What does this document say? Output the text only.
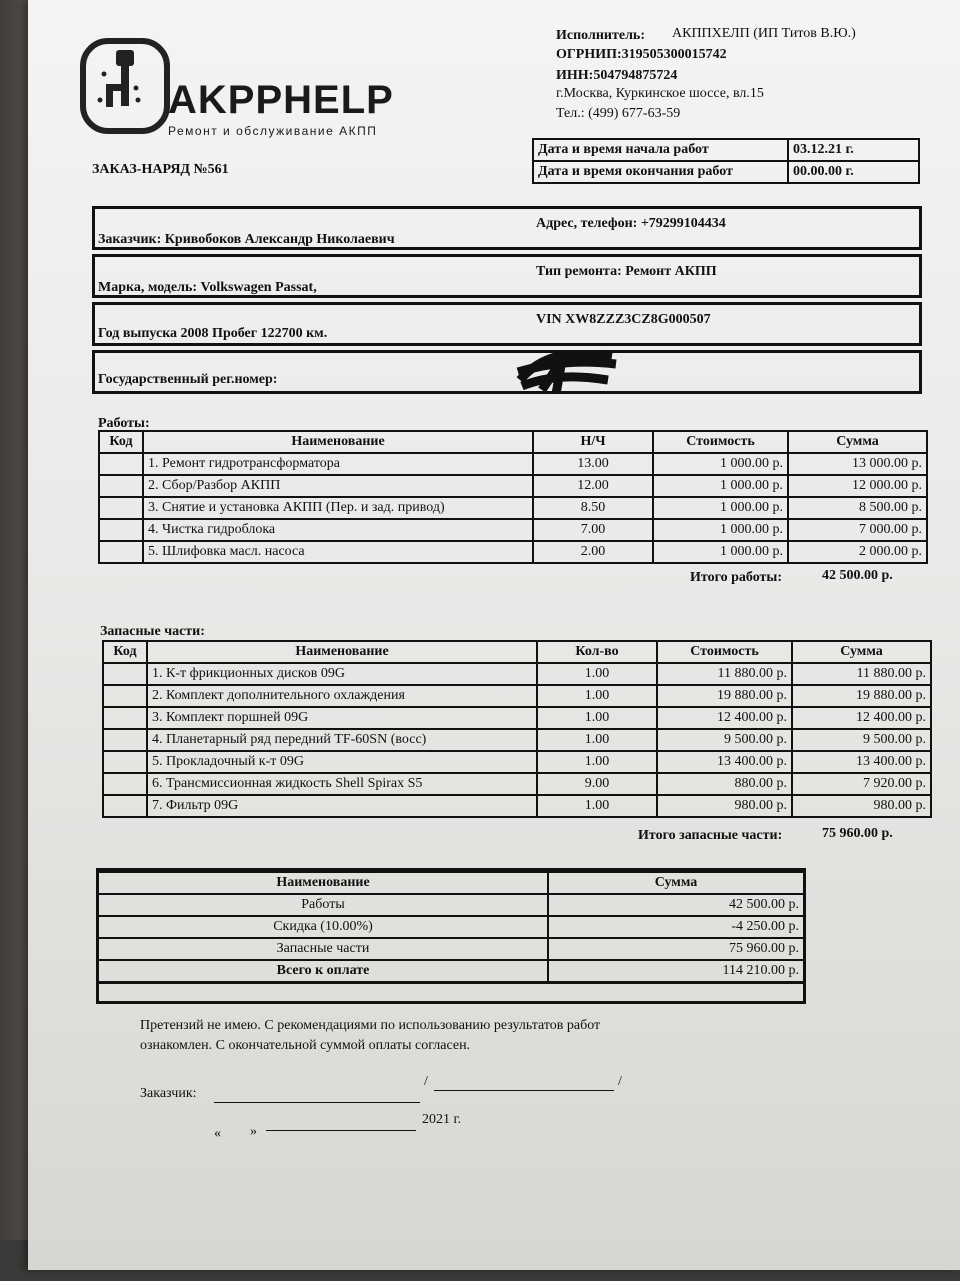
AKPPHELP
Ремонт и обслуживание АКПП
Исполнитель: АКППХЕЛП (ИП Титов В.Ю.)
ОГРНИП:319505300015742
ИНН:504794875724
г.Москва, Куркинское шоссе, вл.15
Тел.: (499) 677-63-59
ЗАКАЗ-НАРЯД №561
Дата и время начала работ	03.12.21 г.
Дата и время окончания работ	00.00.00 г.
Заказчик: Кривобоков Александр Николаевич
Адрес, телефон: +79299104434
Марка, модель: Volkswagen Passat,
Тип ремонта: Ремонт АКПП
Год выпуска 2008 Пробег 122700 км.
VIN XW8ZZZ3CZ8G000507
Государственный рег.номер:
Работы:
Код	Наименование	Н/Ч	Стоимость	Сумма
	1. Ремонт гидротрансформатора	13.00	1 000.00 р.	13 000.00 р.
	2. Сбор/Разбор АКПП	12.00	1 000.00 р.	12 000.00 р.
	3. Снятие и установка АКПП (Пер. и зад. привод)	8.50	1 000.00 р.	8 500.00 р.
	4. Чистка гидроблока	7.00	1 000.00 р.	7 000.00 р.
	5. Шлифовка масл. насоса	2.00	1 000.00 р.	2 000.00 р.
Итого работы:	42 500.00 р.
Запасные части:
Код	Наименование	Кол-во	Стоимость	Сумма
	1. К-т фрикционных дисков 09G	1.00	11 880.00 р.	11 880.00 р.
	2. Комплект дополнительного охлаждения	1.00	19 880.00 р.	19 880.00 р.
	3. Комплект поршней 09G	1.00	12 400.00 р.	12 400.00 р.
	4. Планетарный ряд передний TF-60SN (восс)	1.00	9 500.00 р.	9 500.00 р.
	5. Прокладочный к-т 09G	1.00	13 400.00 р.	13 400.00 р.
	6. Трансмиссионная жидкость Shell Spirax S5	9.00	880.00 р.	7 920.00 р.
	7. Фильтр 09G	1.00	980.00 р.	980.00 р.
Итого запасные части:	75 960.00 р.
Наименование	Сумма
Работы	42 500.00 р.
Скидка (10.00%)	-4 250.00 р.
Запасные части	75 960.00 р.
Всего к оплате	114 210.00 р.
Претензий не имею. С рекомендациями по использованию результатов работ
ознакомлен. С окончательной суммой оплаты согласен.
Заказчик:
/	/
« »
2021 г.
